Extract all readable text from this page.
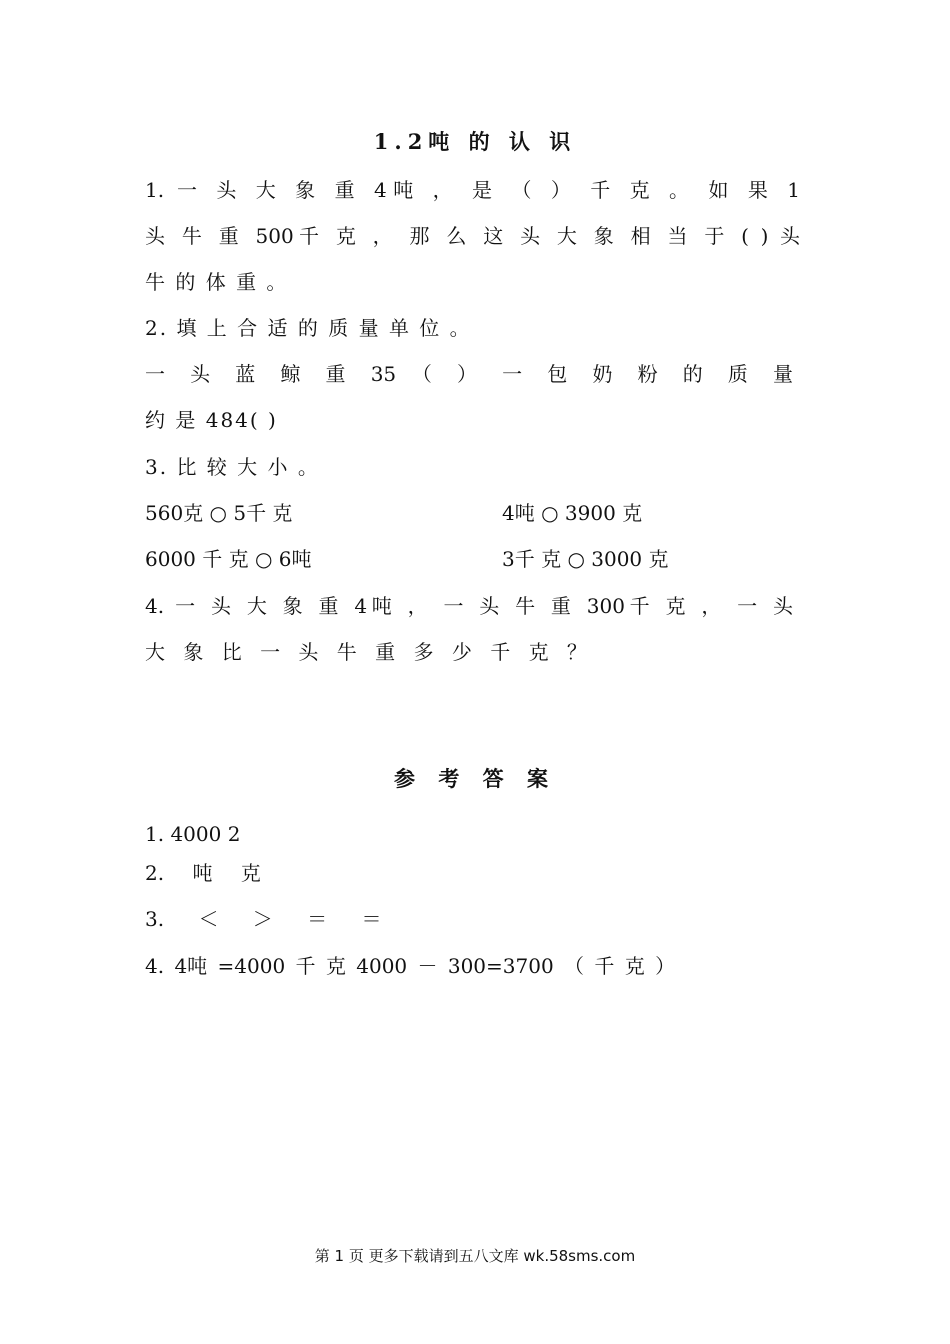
1.2吨 的 认 识
1. 一 头 大 象 重 4吨 ， 是 （ ） 千 克 。 如 果 1
头 牛 重 500千 克 ， 那 么 这 头 大 象 相 当 于 ( ) 头
牛 的 体 重 。
2. 填 上 合 适 的 质 量 单 位 。
一 头 蓝 鲸 重 35 （ ） 一 包 奶 粉 的 质 量
约 是 484( )
3. 比 较 大 小 。
560克 ○ 5千 克	4吨 ○ 3900 克
6000 千 克 ○ 6吨	3千 克 ○ 3000 克
4. 一 头 大 象 重 4吨 ， 一 头 牛 重 300千 克 ， 一 头
大 象 比 一 头 牛 重 多 少 千 克 ？
参 考 答 案
1. 4000 2
2. 吨 克
3. ＜ ＞ ＝ ＝
4. 4吨 =4000 千 克 4000 － 300=3700 （ 千 克 ）
第 1 页 更多下载请到五八文库 wk.58sms.com
